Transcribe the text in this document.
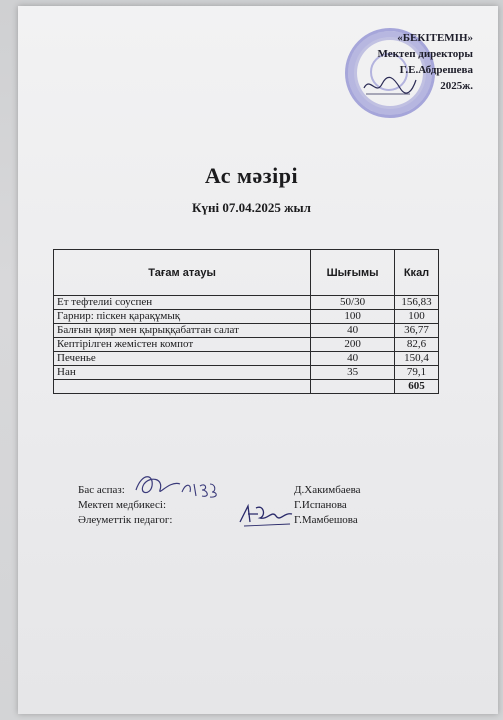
«БЕКІТЕМІН»
Мектеп директоры
Г.Е.Абдрешева
2025ж.
Ас мәзірі
Күні 07.04.2025 жыл
Тағам атауы	Шығымы	Ккал
Ет тефтелиі соуспен	50/30	156,83
Гарнир: піскен қарақұмық	100	100
Балғын қияр мен қырыққабаттан салат	40	36,77
Кептірілген жемістен компот	200	82,6
Печенье	40	150,4
Нан	35	79,1
		605
Бас аспаз:	Д.Хакимбаева
Мектеп медбикесі:	Г.Испанова
Әлеуметтік педагог:	Г.Мамбешова
